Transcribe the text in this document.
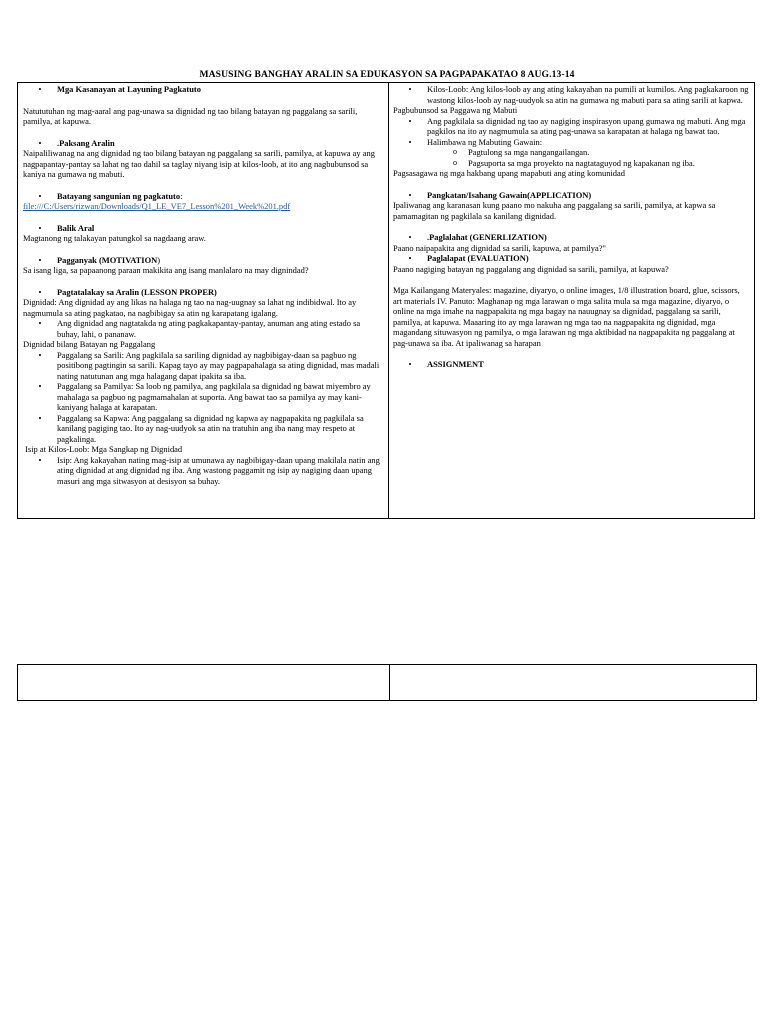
MASUSING BANGHAY ARALIN SA EDUKASYON SA PAGPAPAKATAO 8 AUG.13-14
•	Mga Kasanayan at Layuning Pagkatuto

Natututuhan ng mag-aaral ang pag-unawa sa dignidad ng tao bilang batayan ng paggalang sa sarili, pamilya, at kapuwa.

•	.Paksang Aralin

Naipaliliwanag na ang dignidad ng tao bilang batayan ng paggalang sa sarili, pamilya, at kapuwa ay ang nagpapantay-pantay sa lahat ng tao dahil sa taglay niyang isip at kilos-loob, at ito ang nagbubunsod sa kaniya na gumawa ng mabuti.

•	Batayang sangunian ng pagkatuto:

file:///C:/Users/rizwan/Downloads/Q1_LE_VE7_Lesson%201_Week%201.pdf

•	Balik Aral

Magtanong ng talakayan patungkol sa nagdaang araw.

•	Pagganyak (MOTIVATION)

Sa isang liga, sa papaanong paraan makikita ang isang manlalaro na may dignindad?

•	Pagtatalakay sa Aralin (LESSON PROPER)

Dignidad: Ang dignidad ay ang likas na halaga ng tao na nag-uugnay sa lahat ng indibidwal. Ito ay nagmumula sa ating pagkatao, na nagbibigay sa atin ng karapatang igalang.

•	Ang dignidad ang nagtatakda ng ating pagkakapantay-pantay, anuman ang ating estado sa buhay, lahi, o pananaw.

Dignidad bilang Batayan ng Paggalang

•	Paggalang sa Sarili: Ang pagkilala sa sariling dignidad ay nagbibigay-daan sa pagbuo ng positibong pagtingin sa sarili. Kapag tayo ay may pagpapahalaga sa ating dignidad, mas madali nating natutunan ang mga halagang dapat ipakita sa iba.
•	Paggalang sa Pamilya: Sa loob ng pamilya, ang pagkilala sa dignidad ng bawat miyembro ay mahalaga sa pagbuo ng pagmamahalan at suporta. Ang bawat tao sa pamilya ay may kani-kaniyang halaga at karapatan.
•	Paggalang sa Kapwa: Ang paggalang sa dignidad ng kapwa ay nagpapakita ng pagkilala sa kanilang pagiging tao. Ito ay nag-uudyok sa atin na tratuhin ang iba nang may respeto at pagkalinga.

Isip at Kilos-Loob: Mga Sangkap ng Dignidad

•	Isip: Ang kakayahan nating mag-isip at umunawa ay nagbibigay-daan upang makilala natin ang ating dignidad at ang dignidad ng iba. Ang wastong paggamit ng isip ay nagiging daan upang masuri ang mga sitwasyon at desisyon sa buhay.
•	Kilos-Loob: Ang kilos-loob ay ang ating kakayahan na pumili at kumilos. Ang pagkakaroon ng wastong kilos-loob ay nag-uudyok sa atin na gumawa ng mabuti para sa ating sarili at kapwa.

Pagbubunsod sa Paggawa ng Mabuti

•	Ang pagkilala sa dignidad ng tao ay nagiging inspirasyon upang gumawa ng mabuti. Ang mga pagkilos na ito ay nagmumula sa ating pag-unawa sa karapatan at halaga ng bawat tao.
•	Halimbawa ng Mabuting Gawain:
o	Pagtulong sa mga nangangailangan.
o	Pagsuporta sa mga proyekto na nagtataguyod ng kapakanan ng iba.

Pagsasagawa ng mga hakbang upang mapabuti ang ating komunidad

•	Pangkatan/Isahang Gawain(APPLICATION)

Ipaliwanag ang karanasan kung paano mo nakuha ang paggalang sa sarili, pamilya, at kapwa sa pamamagitan ng pagkilala sa kanilang dignidad.

•	.Paglalahat (GENERLIZATION)

Paano naipapakita ang dignidad sa sarili, kapuwa, at pamilya?"

•	Paglalapat (EVALUATION)

Paano nagiging batayan ng paggalang ang dignidad sa sarili, pamilya, at kapuwa?

Mga Kailangang Materyales: magazine, diyaryo, o online images, 1/8 illustration board, glue, scissors, art materials IV. Panuto: Maghanap ng mga larawan o mga salita mula sa mga magazine, diyaryo, o online na mga imahe na nagpapakita ng mga bagay na nauugnay sa dignidad, paggalang sa sarili, pamilya, at kapuwa. Maaaring ito ay mga larawan ng mga tao na nagpapakita ng dignidad, mga magandang situwasyon ng pamilya, o mga larawan ng mga aktibidad na nagpapakita ng paggalang at pag-unawa sa iba. At ipaliwanag sa harapan

•	ASSIGNMENT
